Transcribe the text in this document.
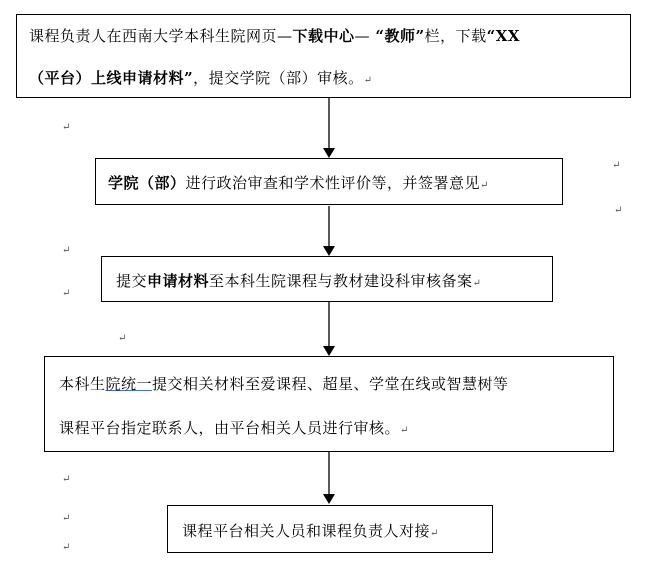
课程负责人在西南大学本科生院网页—下载中心— “教师”栏，下载“XX
（平台）上线申请材料”，提交学院（部）审核。↵
学院（部）进行政治审查和学术性评价等，并签署意见↵
提交申请材料至本科生院课程与教材建设科审核备案↵
本科生院统一提交相关材料至爱课程、超星、学堂在线或智慧树等
课程平台指定联系人，由平台相关人员进行审核。↵
课程平台相关人员和课程负责人对接↵
↵
↵
↵
↵
↵
↵
↵
↵
↵
